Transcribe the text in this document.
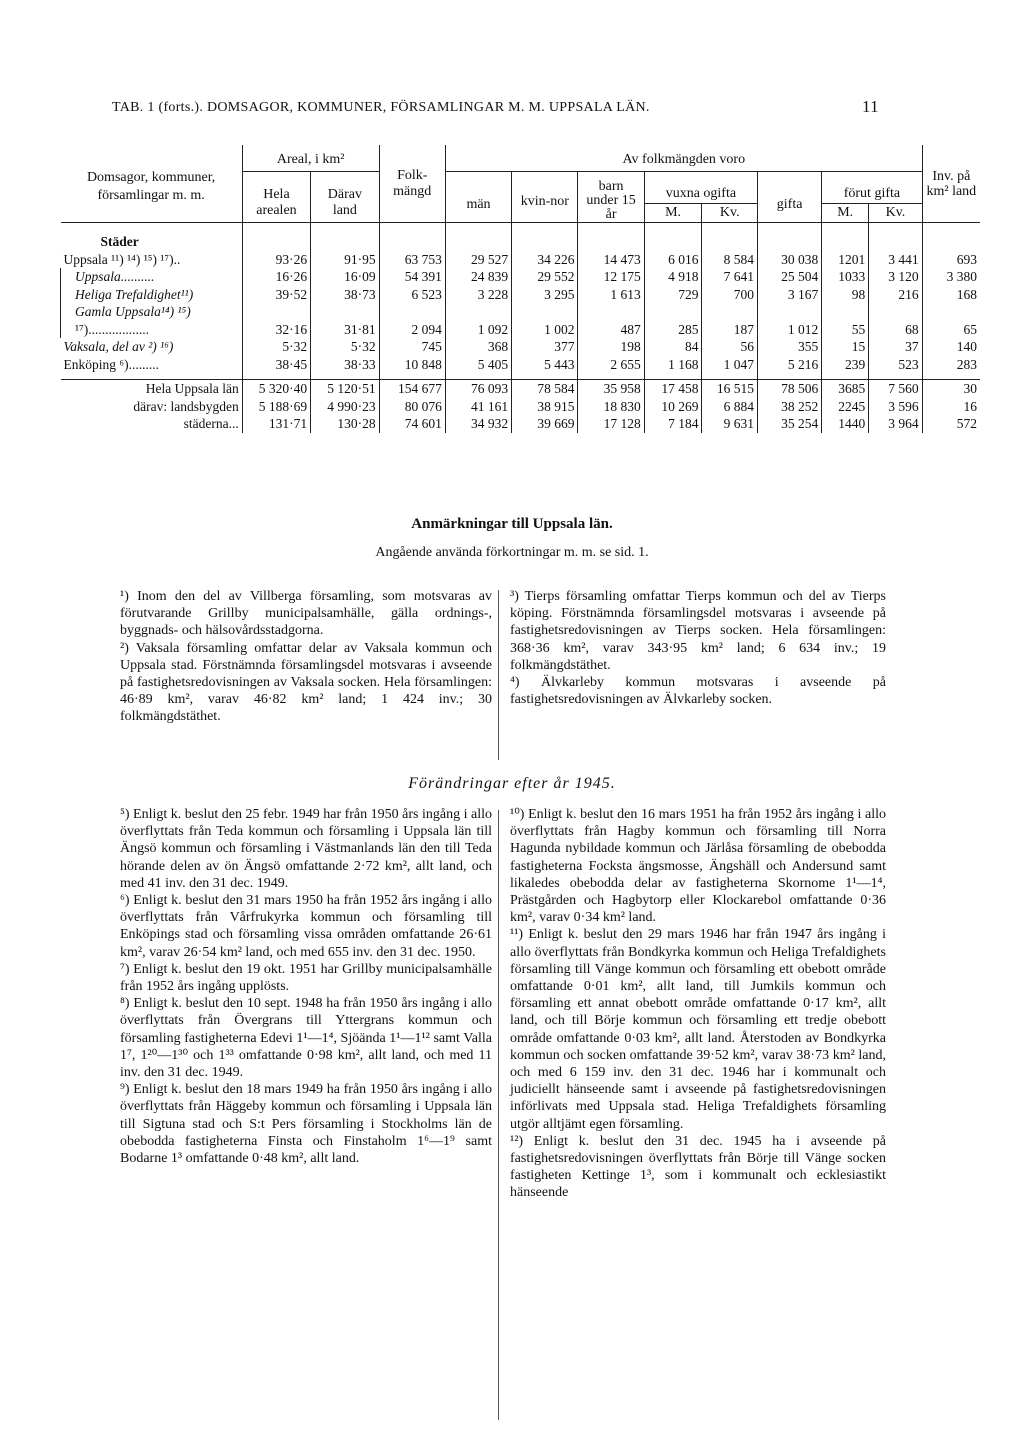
TAB. 1 (forts.). DOMSAGOR, KOMMUNER, FÖRSAMLINGAR M. M. UPPSALA LÄN.	11
Domsagor, kommuner, församlingar m. m.	Areal, i km²		Folk-mängd	Av folkmängden voro								Inv. på km² land
	Hela arealen	Därav land		män	kvin-nor	barn under 15 år	vuxna ogifta		gifta	förut gifta		
							M.	Kv.		M.	Kv.	
Städer												
Uppsala ¹¹) ¹⁴) ¹⁵) ¹⁷)..	93·26	91·95	63 753	29 527	34 226	14 473	6 016	8 584	30 038	1201	3 441	693
Uppsala..........	16·26	16·09	54 391	24 839	29 552	12 175	4 918	7 641	25 504	1033	3 120	3 380
Heliga Trefaldighet¹¹)	39·52	38·73	6 523	3 228	3 295	1 613	729	700	3 167	98	216	168
Gamla Uppsala¹⁴) ¹⁵)												
¹⁷)..................	32·16	31·81	2 094	1 092	1 002	487	285	187	1 012	55	68	65
Vaksala, del av ²) ¹⁶)	5·32	5·32	745	368	377	198	84	56	355	15	37	140
Enköping ⁶).........	38·45	38·33	10 848	5 405	5 443	2 655	1 168	1 047	5 216	239	523	283

Hela Uppsala län	5 320·40	5 120·51	154 677	76 093	78 584	35 958	17 458	16 515	78 506	3685	7 560	30
därav: landsbygden	5 188·69	4 990·23	80 076	41 161	38 915	18 830	10 269	6 884	38 252	2245	3 596	16
städerna...	131·71	130·28	74 601	34 932	39 669	17 128	7 184	9 631	35 254	1440	3 964	572
Anmärkningar till Uppsala län.
Angående använda förkortningar m. m. se sid. 1.

¹) Inom den del av Villberga församling, som motsvaras av förutvarande Grillby municipalsamhälle, gälla ordnings-, byggnads- och hälsovårdsstadgorna.

²) Vaksala församling omfattar delar av Vaksala kommun och Uppsala stad. Förstnämnda församlingsdel motsvaras i avseende på fastighetsredovisningen av Vaksala socken. Hela församlingen: 46·89 km², varav 46·82 km² land; 1 424 inv.; 30 folkmängdstäthet.

³) Tierps församling omfattar Tierps kommun och del av Tierps köping. Förstnämnda församlingsdel motsvaras i avseende på fastighetsredovisningen av Tierps socken. Hela församlingen: 368·36 km², varav 343·95 km² land; 6 634 inv.; 19 folkmängdstäthet.

⁴) Älvkarleby kommun motsvaras i avseende på fastighetsredovisningen av Älvkarleby socken.

Förändringar efter år 1945.

⁵) Enligt k. beslut den 25 febr. 1949 har från 1950 års ingång i allo överflyttats från Teda kommun och församling i Uppsala län till Ängsö kommun och församling i Västmanlands län den till Teda hörande delen av ön Ängsö omfattande 2·72 km², allt land, och med 41 inv. den 31 dec. 1949.

⁶) Enligt k. beslut den 31 mars 1950 ha från 1952 års ingång i allo överflyttats från Vårfrukyrka kommun och församling till Enköpings stad och församling vissa områden omfattande 26·61 km², varav 26·54 km² land, och med 655 inv. den 31 dec. 1950.

⁷) Enligt k. beslut den 19 okt. 1951 har Grillby municipalsamhälle från 1952 års ingång upplösts.

⁸) Enligt k. beslut den 10 sept. 1948 ha från 1950 års ingång i allo överflyttats från Övergrans till Yttergrans kommun och församling fastigheterna Edevi 1¹—1⁴, Sjöända 1¹—1¹² samt Valla 1⁷, 1²⁰—1³⁰ och 1³³ omfattande 0·98 km², allt land, och med 11 inv. den 31 dec. 1949.

⁹) Enligt k. beslut den 18 mars 1949 ha från 1950 års ingång i allo överflyttats från Häggeby kommun och församling i Uppsala län till Sigtuna stad och S:t Pers församling i Stockholms län de obebodda fastigheterna Finsta och Finstaholm 1⁶—1⁹ samt Bodarne 1³ omfattande 0·48 km², allt land.

¹⁰) Enligt k. beslut den 16 mars 1951 ha från 1952 års ingång i allo överflyttats från Hagby kommun och församling till Norra Hagunda nybildade kommun och Järlåsa församling de obebodda fastigheterna Fockstа ängsmosse, Ängshäll och Andersund samt likaledes obebodda delar av fastigheterna Skornome 1¹—1⁴, Prästgården och Hagbytorp eller Klockarebol omfattande 0·36 km², varav 0·34 km² land.

¹¹) Enligt k. beslut den 29 mars 1946 har från 1947 års ingång i allo överflyttats från Bondkyrka kommun och Heliga Trefaldighets församling till Vänge kommun och församling ett obebott område omfattande 0·01 km², allt land, till Jumkils kommun och församling ett annat obebott område omfattande 0·17 km², allt land, och till Börje kommun och församling ett tredje obebott område omfattande 0·03 km², allt land. Återstoden av Bondkyrka kommun och socken omfattande 39·52 km², varav 38·73 km² land, och med 6 159 inv. den 31 dec. 1946 har i kommunalt och judiciellt hänseende samt i avseende på fastighetsredovisningen införlivats med Uppsala stad. Heliga Trefaldighets församling utgör alltjämt egen församling.

¹²) Enligt k. beslut den 31 dec. 1945 ha i avseende på fastighetsredovisningen överflyttats från Börje till Vänge socken fastigheten Kettinge 1³, som i kommunalt och ecklesiastikt hänseende
